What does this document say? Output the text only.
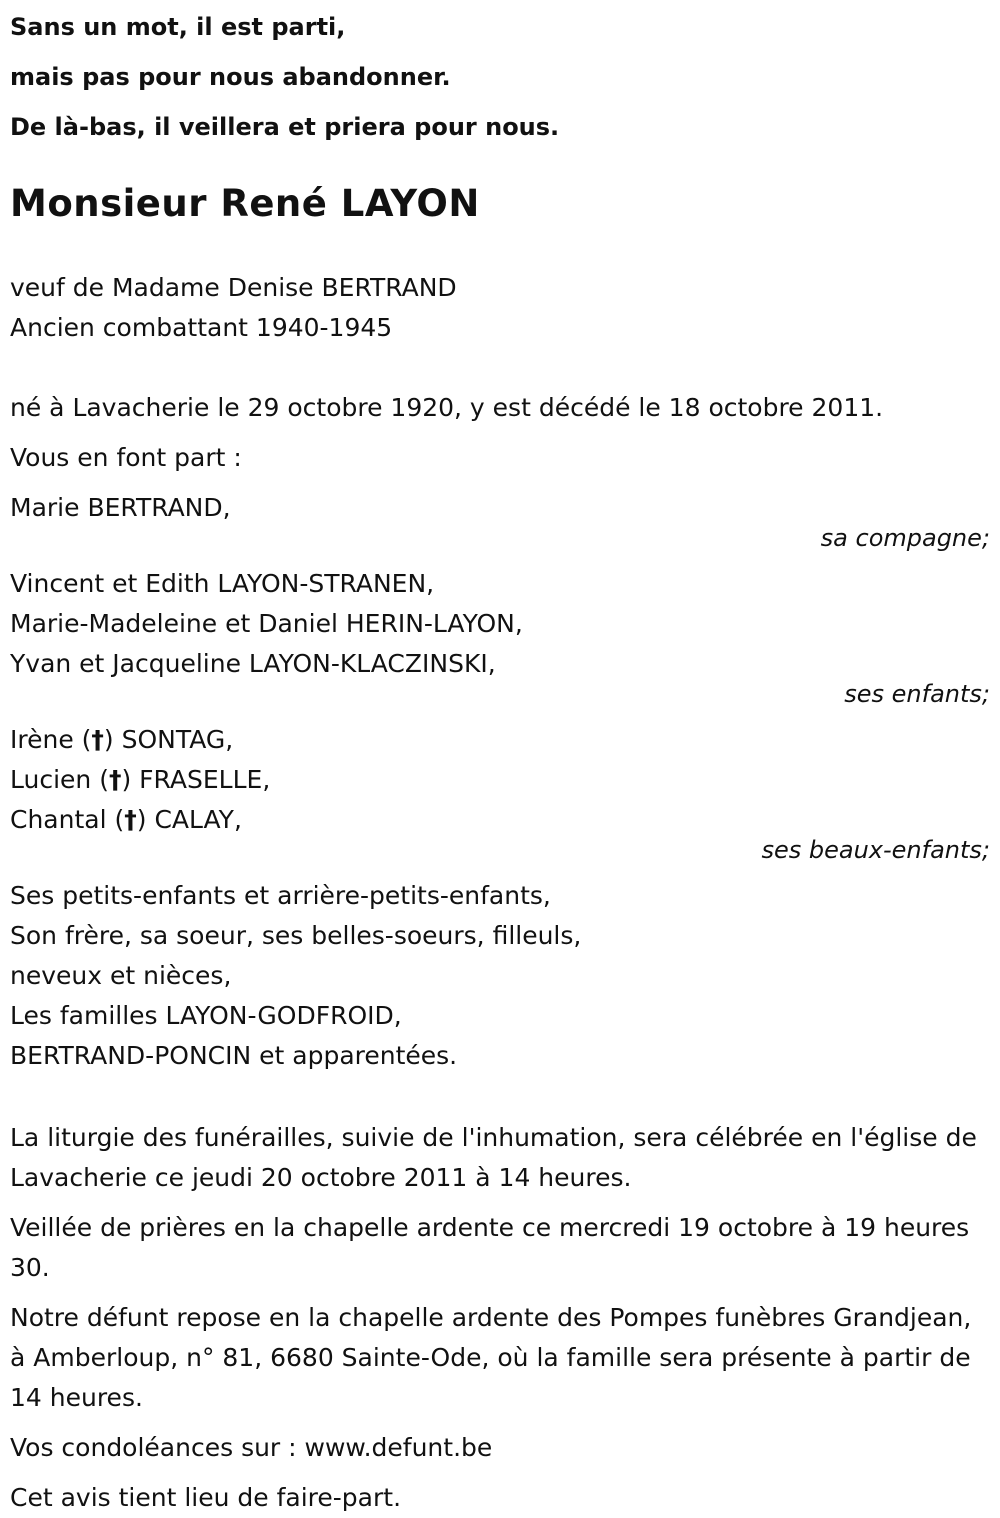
Sans un mot, il est parti,
mais pas pour nous abandonner.
De là-bas, il veillera et priera pour nous.
Monsieur René LAYON
veuf de Madame Denise BERTRAND
Ancien combattant 1940-1945
né à Lavacherie le 29 octobre 1920, y est décédé le 18 octobre 2011.
Vous en font part :
Marie BERTRAND,
sa compagne;
Vincent et Edith LAYON-STRANEN,
Marie-Madeleine et Daniel HERIN-LAYON,
Yvan et Jacqueline LAYON-KLACZINSKI,
ses enfants;
Irène (†) SONTAG,
Lucien (†) FRASELLE,
Chantal (†) CALAY,
ses beaux-enfants;
Ses petits-enfants et arrière-petits-enfants,
Son frère, sa soeur, ses belles-soeurs, filleuls,
neveux et nièces,
Les familles LAYON-GODFROID,
BERTRAND-PONCIN et apparentées.
La liturgie des funérailles, suivie de l'inhumation, sera célébrée en l'église de Lavacherie ce jeudi 20 octobre 2011 à 14 heures.
Veillée de prières en la chapelle ardente ce mercredi 19 octobre à 19 heures 30.
Notre défunt repose en la chapelle ardente des Pompes funèbres Grandjean, à Amberloup, n° 81, 6680 Sainte-Ode, où la famille sera présente à partir de 14 heures.
Vos condoléances sur : www.defunt.be
Cet avis tient lieu de faire-part.
